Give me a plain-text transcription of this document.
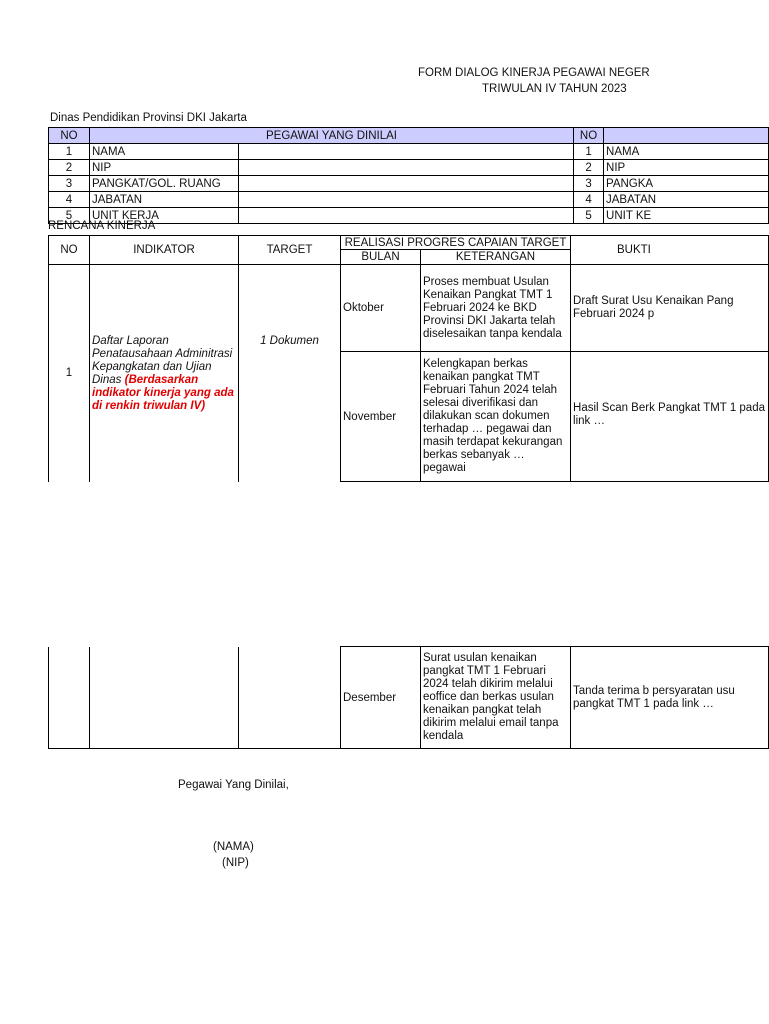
FORM DIALOG KINERJA PEGAWAI NEGER
TRIWULAN IV TAHUN 2023
Dinas Pendidikan Provinsi DKI Jakarta
NO	PEGAWAI YANG DINILAI		NO	
1	NAMA		1	NAMA
2	NIP		2	NIP
3	PANGKAT/GOL. RUANG		3	PANGKA
4	JABATAN		4	JABATAN
5	UNIT KERJA		5	UNIT KE
RENCANA KINERJA
NO	INDIKATOR	TARGET	REALISASI PROGRES CAPAIAN TARGET		BUKTI
			BULAN	KETERANGAN	
1	Daftar Laporan Penatausahaan Adminitrasi Kepangkatan dan Ujian Dinas (Berdasarkan indikator kinerja yang ada di renkin triwulan IV)	1 Dokumen	Oktober	Proses membuat Usulan Kenaikan Pangkat TMT 1 Februari 2024 ke BKD Provinsi DKI Jakarta telah diselesaikan tanpa kendala	Draft Surat Usu Kenaikan Pang Februari 2024 p
			November	Kelengkapan berkas kenaikan pangkat TMT Februari Tahun 2024 telah selesai diverifikasi dan dilakukan scan dokumen terhadap … pegawai dan masih terdapat kekurangan berkas sebanyak … pegawai	Hasil Scan Berk Pangkat TMT 1 pada link …
			Desember	Surat usulan kenaikan pangkat TMT 1 Februari 2024 telah dikirim melalui eoffice dan berkas usulan kenaikan pangkat telah dikirim melalui email tanpa kendala	Tanda terima b persyaratan usu pangkat TMT 1 pada link …
Pegawai Yang Dinilai,
(NAMA)
(NIP)
